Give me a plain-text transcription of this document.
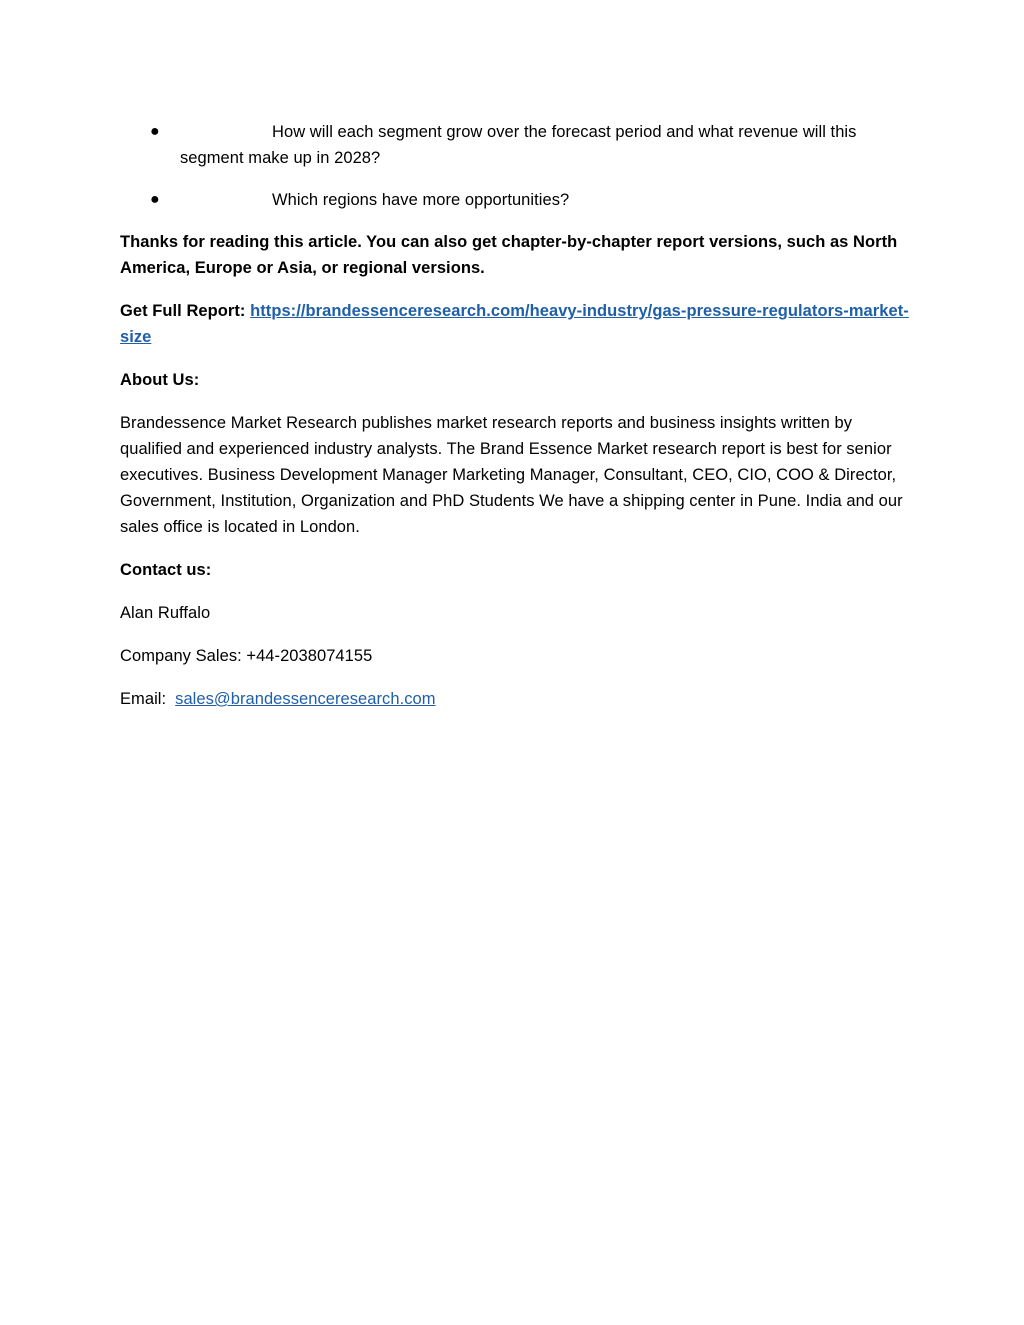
●	How will each segment grow over the forecast period and what revenue will this segment make up in 2028?
●	Which regions have more opportunities?

Thanks for reading this article. You can also get chapter-by-chapter report versions, such as North America, Europe or Asia, or regional versions.

Get Full Report: https://brandessenceresearch.com/heavy-industry/gas-pressure-regulators-market-size

About Us:

Brandessence Market Research publishes market research reports and business insights written by qualified and experienced industry analysts. The Brand Essence Market research report is best for senior executives. Business Development Manager Marketing Manager, Consultant, CEO, CIO, COO & Director, Government, Institution, Organization and PhD Students We have a shipping center in Pune. India and our sales office is located in London.

Contact us:

Alan Ruffalo

Company Sales: +44-2038074155

Email: sales@brandessenceresearch.com
